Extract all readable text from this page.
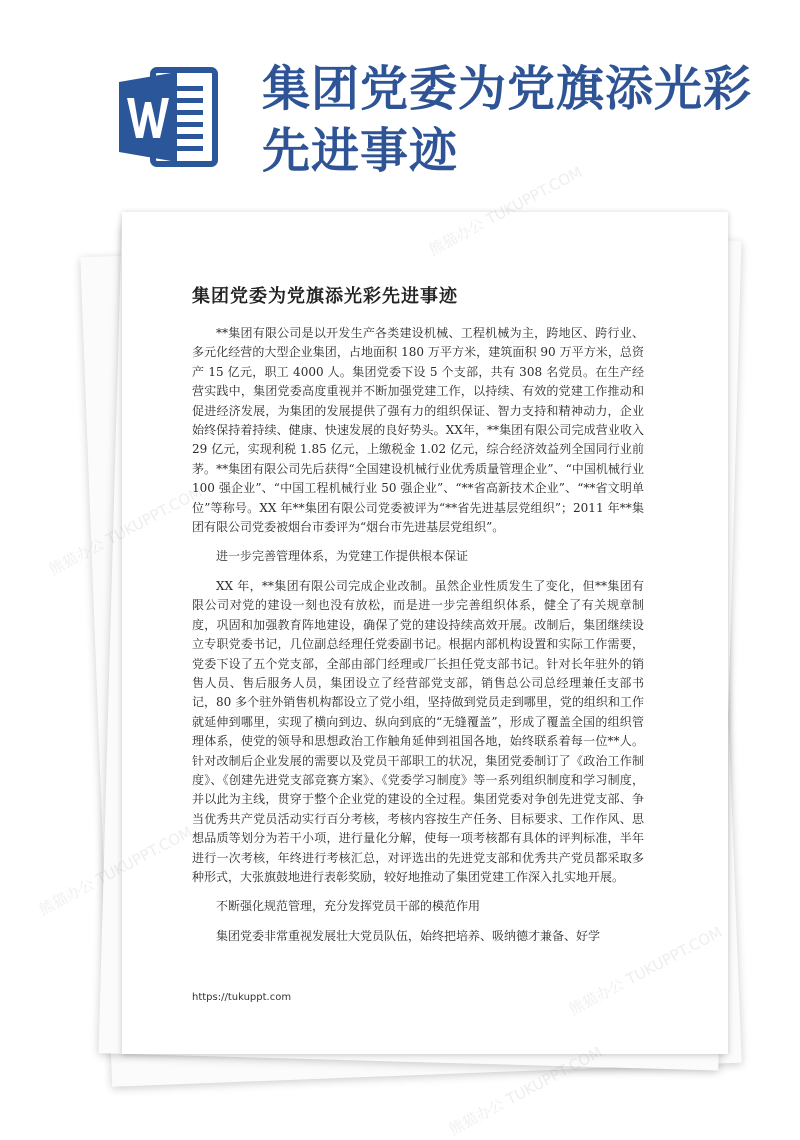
集团党委为党旗添光彩先进事迹
集团党委为党旗添光彩先进事迹

**集团有限公司是以开发生产各类建设机械、工程机械为主，跨地区、跨行业、多元化经营的大型企业集团，占地面积 180 万平方米，建筑面积 90 万平方米，总资产 15 亿元，职工 4000 人。集团党委下设 5 个支部，共有 308 名党员。在生产经营实践中，集团党委高度重视并不断加强党建工作，以持续、有效的党建工作推动和促进经济发展，为集团的发展提供了强有力的组织保证、智力支持和精神动力，企业始终保持着持续、健康、快速发展的良好势头。XX年，**集团有限公司完成营业收入 29 亿元，实现利税 1.85 亿元，上缴税金 1.02 亿元，综合经济效益列全国同行业前茅。**集团有限公司先后获得“全国建设机械行业优秀质量管理企业”、“中国机械行业 100 强企业”、“中国工程机械行业 50 强企业”、“**省高新技术企业”、“**省文明单位”等称号。XX 年**集团有限公司党委被评为“**省先进基层党组织”；2011 年**集团有限公司党委被烟台市委评为“烟台市先进基层党组织”。

进一步完善管理体系，为党建工作提供根本保证

XX 年，**集团有限公司完成企业改制。虽然企业性质发生了变化，但**集团有限公司对党的建设一刻也没有放松，而是进一步完善组织体系，健全了有关规章制度，巩固和加强教育阵地建设，确保了党的建设持续高效开展。改制后，集团继续设立专职党委书记，几位副总经理任党委副书记。根据内部机构设置和实际工作需要，党委下设了五个党支部，全部由部门经理或厂长担任党支部书记。针对长年驻外的销售人员、售后服务人员，集团设立了经营部党支部，销售总公司总经理兼任支部书记，80 多个驻外销售机构都设立了党小组，坚持做到党员走到哪里，党的组织和工作就延伸到哪里，实现了横向到边、纵向到底的“无缝覆盖”，形成了覆盖全国的组织管理体系，使党的领导和思想政治工作触角延伸到祖国各地，始终联系着每一位**人。针对改制后企业发展的需要以及党员干部职工的状况，集团党委制订了《政治工作制度》、《创建先进党支部竞赛方案》、《党委学习制度》等一系列组织制度和学习制度，并以此为主线，贯穿于整个企业党的建设的全过程。集团党委对争创先进党支部、争当优秀共产党员活动实行百分考核，考核内容按生产任务、目标要求、工作作风、思想品质等划分为若干小项，进行量化分解，使每一项考核都有具体的评判标准，半年进行一次考核，年终进行考核汇总，对评选出的先进党支部和优秀共产党员都采取多种形式，大张旗鼓地进行表彰奖励，较好地推动了集团党建工作深入扎实地开展。

不断强化规范管理，充分发挥党员干部的模范作用

集团党委非常重视发展壮大党员队伍，始终把培养、吸纳德才兼备、好学

https://tukuppt.com
熊猫办公
熊猫办公 TUKUPPT.COM
熊猫办公
熊猫办公 TUKUPPT.COM
